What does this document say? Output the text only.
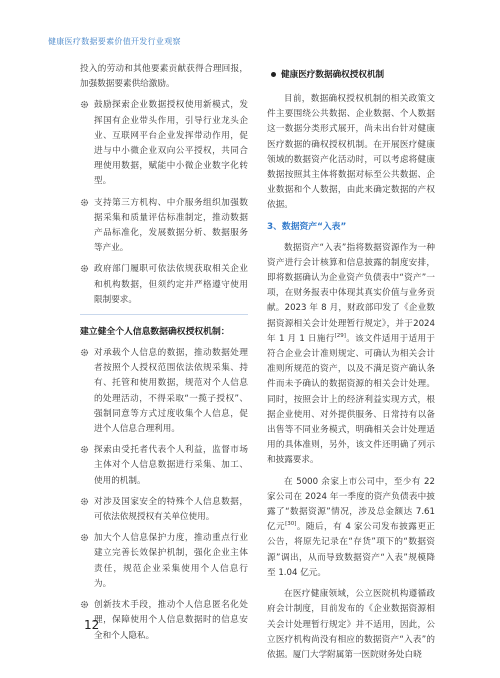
健康医疗数据要素价值开发行业观察

投入的劳动和其他要素贡献获得合理回报，加强数据要素供给激励。

鼓励探索企业数据授权使用新模式，发挥国有企业带头作用，引导行业龙头企业、互联网平台企业发挥带动作用，促进与中小微企业双向公平授权，共同合理使用数据，赋能中小微企业数字化转型。
支持第三方机构、中介服务组织加强数据采集和质量评估标准制定，推动数据产品标准化，发展数据分析、数据服务等产业。
政府部门履职可依法依规获取相关企业和机构数据，但须约定并严格遵守使用限制要求。
建立健全个人信息数据确权授权机制：
对承载个人信息的数据，推动数据处理者按照个人授权范围依法依规采集、持有、托管和使用数据，规范对个人信息的处理活动，不得采取“一揽子授权”、强制同意等方式过度收集个人信息，促进个人信息合理利用。
探索由受托者代表个人利益，监督市场主体对个人信息数据进行采集、加工、使用的机制。
对涉及国家安全的特殊个人信息数据，可依法依规授权有关单位使用。
加大个人信息保护力度，推动重点行业建立完善长效保护机制，强化企业主体责任，规范企业采集使用个人信息行为。
创新技术手段，推动个人信息匿名化处理，保障使用个人信息数据时的信息安全和个人隐私。
健康医疗数据确权授权机制

目前，数据确权授权机制的相关政策文件主要围绕公共数据、企业数据、个人数据这一数据分类形式展开，尚未出台针对健康医疗数据的确权授权机制。在开展医疗健康领域的数据资产化活动时，可以考虑将健康数据按照其主体将数据对标至公共数据、企业数据和个人数据，由此来确定数据的产权依据。

3、数据资产“入表”

数据资产“入表”指将数据资源作为一种资产进行会计核算和信息披露的制度安排，即将数据确认为企业资产负债表中“资产”一项，在财务报表中体现其真实价值与业务贡献。2023 年 8 月，财政部印发了《企业数据资源相关会计处理暂行规定》，并于2024 年 1 月 1 日施行[29]。该文件适用于适用于符合企业会计准则规定、可确认为相关会计准则所规范的资产，以及不满足资产确认条件而未予确认的数据资源的相关会计处理。同时，按照会计上的经济利益实现方式，根据企业使用、对外提供服务、日常持有以备出售等不同业务模式，明确相关会计处理适用的具体准则，另外，该文件还明确了列示和披露要求。

在 5000 余家上市公司中，至少有 22 家公司在 2024 年一季度的资产负债表中披露了“数据资源”情况，涉及总金额达 7.61亿元[30]。随后，有 4 家公司发布披露更正公告，将原先记录在“存货”项下的“数据资源”调出，从而导致数据资产“入表”规模降至 1.04 亿元。

在医疗健康领域，公立医院机构遵循政府会计制度，目前发布的《企业数据资源相关会计处理暂行规定》并不适用，因此，公立医疗机构尚没有相应的数据资产“入表”的依据。厦门大学附属第一医院财务处白晓

12
